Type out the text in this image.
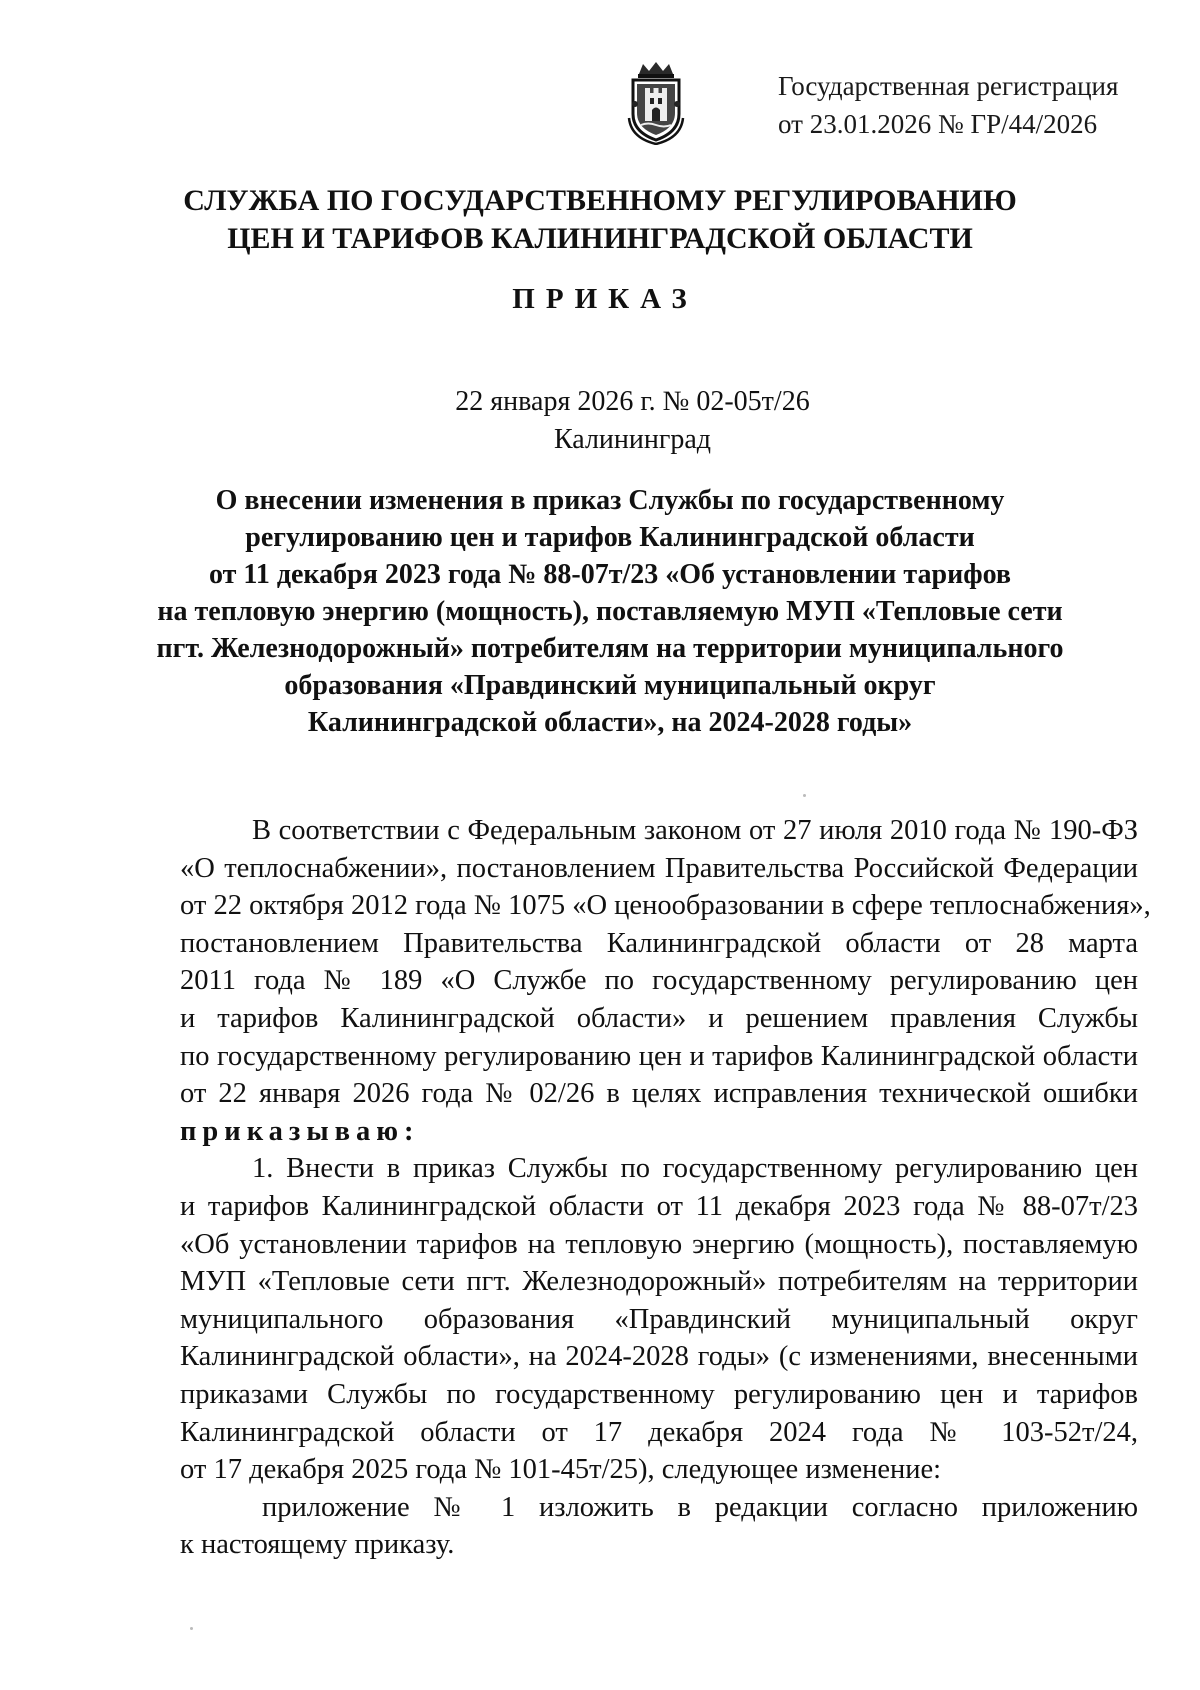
Государственная регистрация
от 23.01.2026 № ГР/44/2026
СЛУЖБА ПО ГОСУДАРСТВЕННОМУ РЕГУЛИРОВАНИЮ
ЦЕН И ТАРИФОВ КАЛИНИНГРАДСКОЙ ОБЛАСТИ
ПРИКАЗ
22 января 2026 г. № 02-05т/26
Калининград
О внесении изменения в приказ Службы по государственному
регулированию цен и тарифов Калининградской области
от 11 декабря 2023 года № 88-07т/23 «Об установлении тарифов
на тепловую энергию (мощность), поставляемую МУП «Тепловые сети
пгт. Железнодорожный» потребителям на территории муниципального
образования «Правдинский муниципальный округ
Калининградской области», на 2024-2028 годы»
В соответствии с Федеральным законом от 27 июля 2010 года № 190-ФЗ
«О теплоснабжении», постановлением Правительства Российской Федерации
от 22 октября 2012 года № 1075 «О ценообразовании в сфере теплоснабжения»,
постановлением Правительства Калининградской области от 28 марта
2011 года № 189 «О Службе по государственному регулированию цен
и тарифов Калининградской области» и решением правления Службы
по государственному регулированию цен и тарифов Калининградской области
от 22 января 2026 года № 02/26 в целях исправления технической ошибки
приказываю:
1. Внести в приказ Службы по государственному регулированию цен
и тарифов Калининградской области от 11 декабря 2023 года № 88-07т/23
«Об установлении тарифов на тепловую энергию (мощность), поставляемую
МУП «Тепловые сети пгт. Железнодорожный» потребителям на территории
муниципального образования «Правдинский муниципальный округ
Калининградской области», на 2024-2028 годы» (с изменениями, внесенными
приказами Службы по государственному регулированию цен и тарифов
Калининградской области от 17 декабря 2024 года № 103-52т/24,
от 17 декабря 2025 года № 101-45т/25), следующее изменение:
приложение № 1 изложить в редакции согласно приложению
к настоящему приказу.
